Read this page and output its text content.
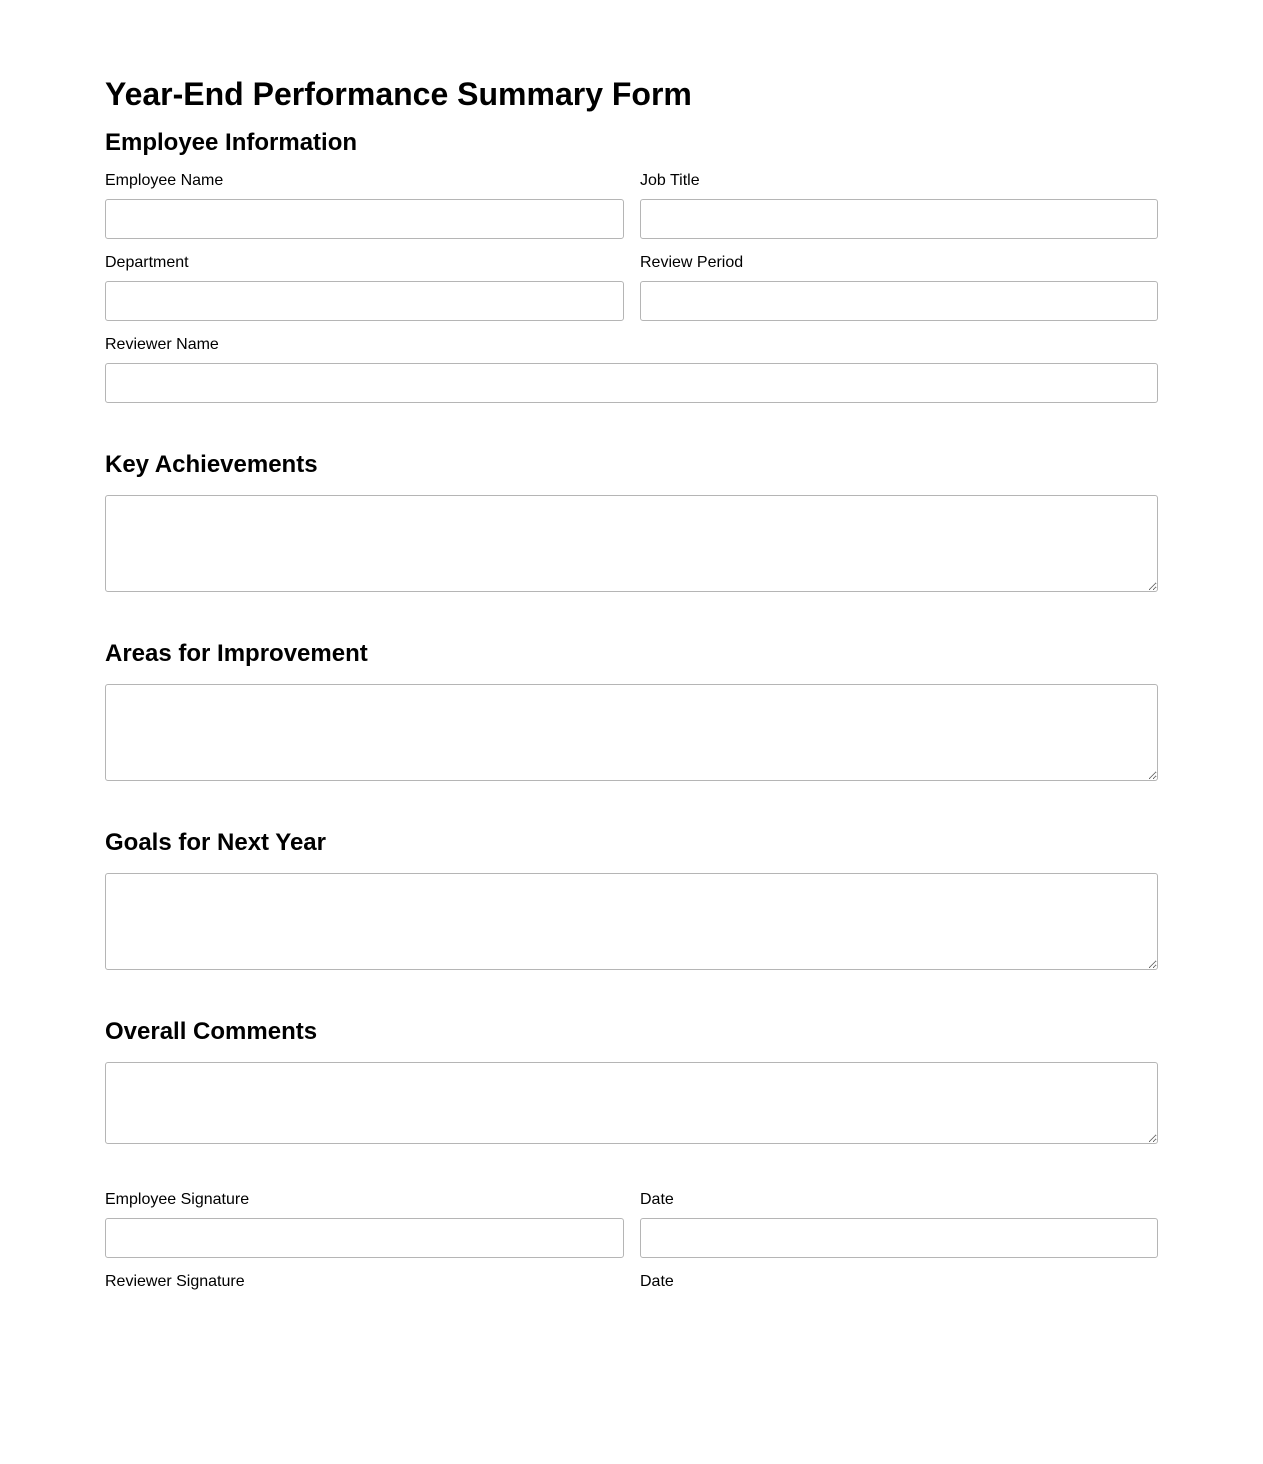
Year-End Performance Summary Form
Employee Information
Employee Name	Job Title
Department	Review Period
Reviewer Name
Key Achievements
Areas for Improvement
Goals for Next Year
Overall Comments
Employee Signature	Date
Reviewer Signature	Date
